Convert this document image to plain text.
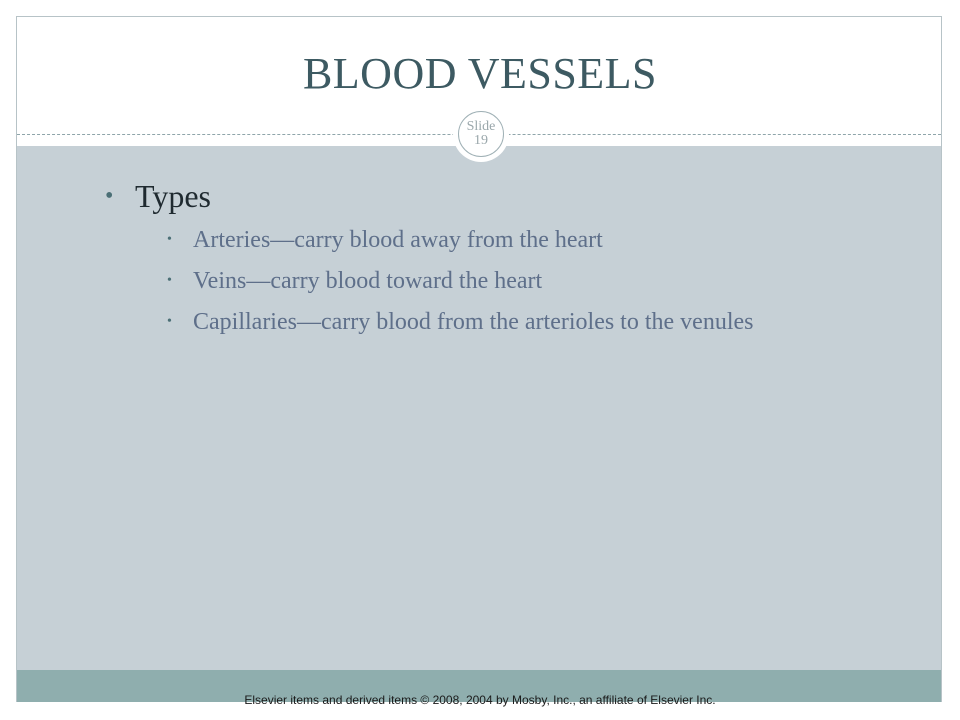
BLOOD VESSELS
Slide
19
• Types
• Arteries—carry blood away from the heart
• Veins—carry blood toward the heart
• Capillaries—carry blood from the arterioles to the venules
Elsevier items and derived items © 2008, 2004 by Mosby, Inc., an affiliate of Elsevier Inc.
